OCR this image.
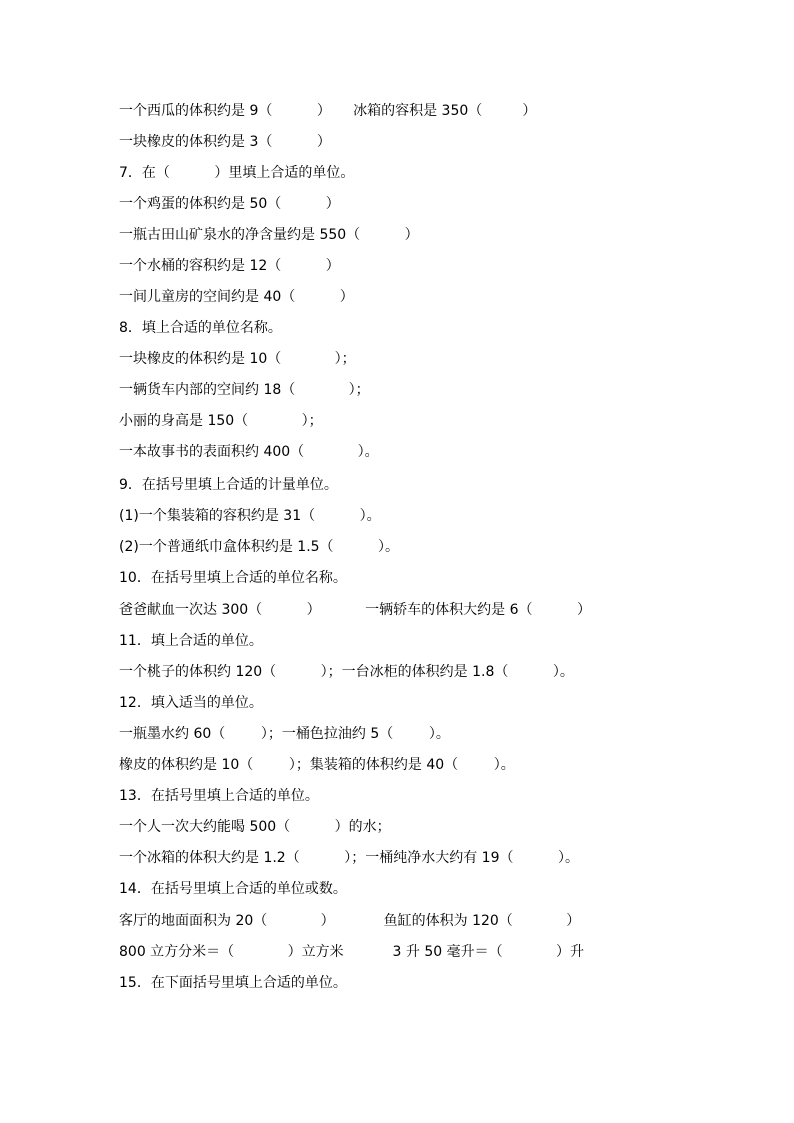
一个西瓜的体积约是 9（          ）     冰箱的容积是 350（         ）
一块橡皮的体积约是 3（          ）
7．在（          ）里填上合适的单位。
一个鸡蛋的体积约是 50（          ）
一瓶古田山矿泉水的净含量约是 550（          ）
一个水桶的容积约是 12（          ）
一间儿童房的空间约是 40（          ）
8．填上合适的单位名称。
一块橡皮的体积约是 10（            ）；
一辆货车内部的空间约 18（            ）；
小丽的身高是 150（            ）；
一本故事书的表面积约 400（            ）。
9．在括号里填上合适的计量单位。
(1)一个集装箱的容积约是 31（          ）。
(2)一个普通纸巾盒体积约是 1.5（          ）。
10．在括号里填上合适的单位名称。
爸爸献血一次达 300（          ）          一辆轿车的体积大约是 6（          ）
11．填上合适的单位。
一个桃子的体积约 120（          ）；一台冰柜的体积约是 1.8（          ）。
12．填入适当的单位。
一瓶墨水约 60（        ）；一桶色拉油约 5（        ）。
橡皮的体积约是 10（        ）；集装箱的体积约是 40（        ）。
13．在括号里填上合适的单位。
一个人一次大约能喝 500（          ）的水；
一个冰箱的体积大约是 1.2（          ）；一桶纯净水大约有 19（          ）。
14．在括号里填上合适的单位或数。
客厅的地面面积为 20（            ）           鱼缸的体积为 120（            ）
800 立方分米＝（            ）立方米           3 升 50 毫升＝（            ）升
15．在下面括号里填上合适的单位。
